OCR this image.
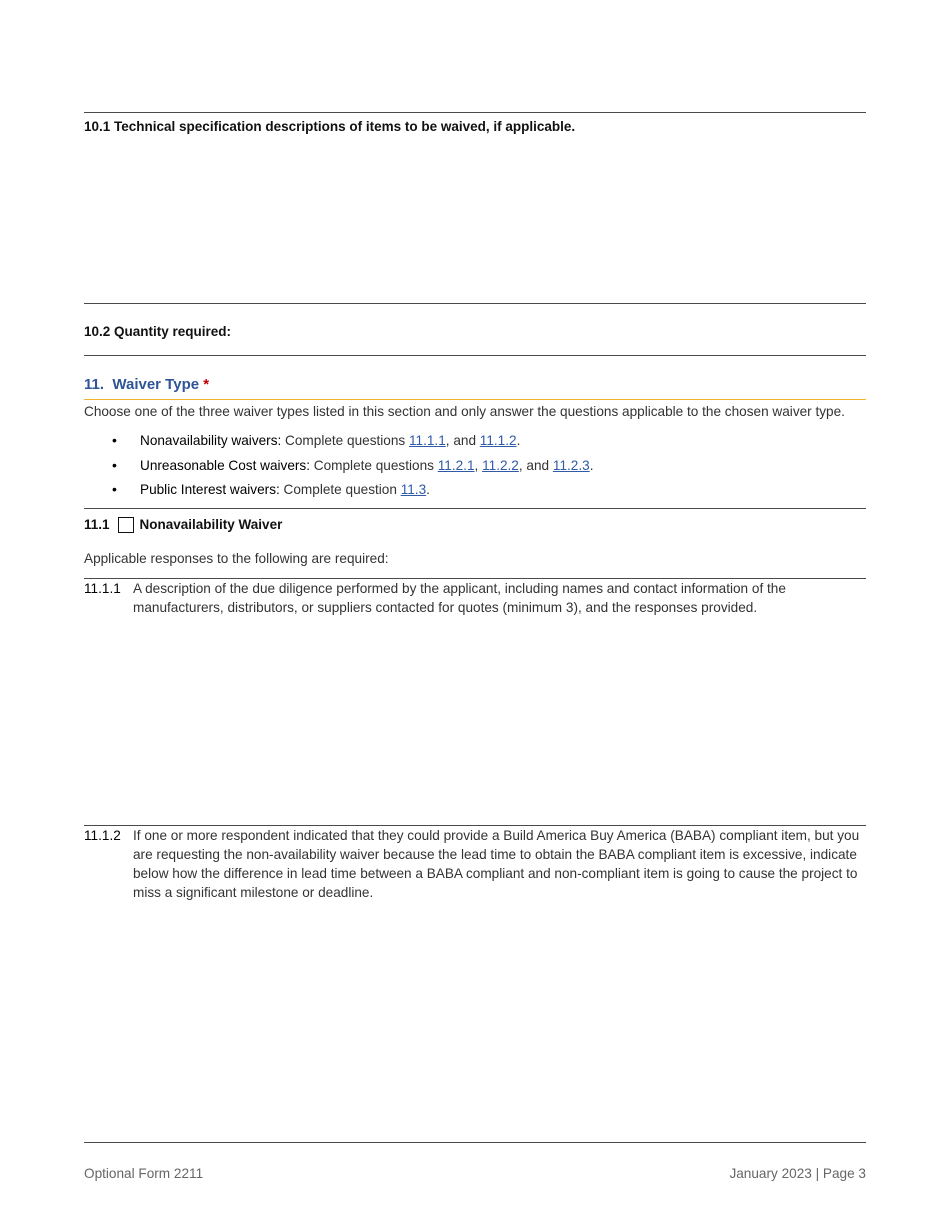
10.1 Technical specification descriptions of items to be waived, if applicable.
10.2 Quantity required:
11. Waiver Type *
Choose one of the three waiver types listed in this section and only answer the questions applicable to the chosen waiver type.
• Nonavailability waivers: Complete questions 11.1.1, and 11.1.2.
• Unreasonable Cost waivers: Complete questions 11.2.1, 11.2.2, and 11.2.3.
• Public Interest waivers: Complete question 11.3.
11.1 Nonavailability Waiver
Applicable responses to the following are required:
11.1.1 A description of the due diligence performed by the applicant, including names and contact information of the manufacturers, distributors, or suppliers contacted for quotes (minimum 3), and the responses provided.
11.1.2 If one or more respondent indicated that they could provide a Build America Buy America (BABA) compliant item, but you are requesting the non-availability waiver because the lead time to obtain the BABA compliant item is excessive, indicate below how the difference in lead time between a BABA compliant and non-compliant item is going to cause the project to miss a significant milestone or deadline.
Optional Form 2211	January 2023 | Page 3
